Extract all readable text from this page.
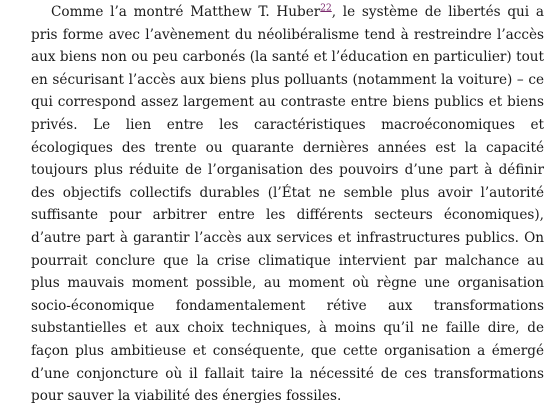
Comme l’a montré Matthew T. Huber$^{22}$, le système de libertés qui a pris forme avec l’avènement du néolibéralisme tend à restreindre l’accès aux biens non ou peu carbonés (la santé et l’éducation en particulier) tout en sécurisant l’accès aux biens plus polluants (notamment la voiture) – ce qui correspond assez largement au contraste entre biens publics et biens privés. Le lien entre les caractéristiques macroéconomiques et écologiques des trente ou quarante dernières années est la capacité toujours plus réduite de l’organisation des pouvoirs d’une part à définir des objectifs collectifs durables (l’État ne semble plus avoir l’autorité suffisante pour arbitrer entre les différents secteurs économiques), d’autre part à garantir l’accès aux services et infrastructures publics. On pourrait conclure que la crise climatique intervient par malchance au plus mauvais moment possible, au moment où règne une organisation socio-économique fondamentalement rétive aux transformations substantielles et aux choix techniques, à moins qu’il ne faille dire, de façon plus ambitieuse et conséquente, que cette organisation a émergé d’une conjoncture où il fallait taire la nécessité de ces transformations pour sauver la viabilité des énergies fossiles.
